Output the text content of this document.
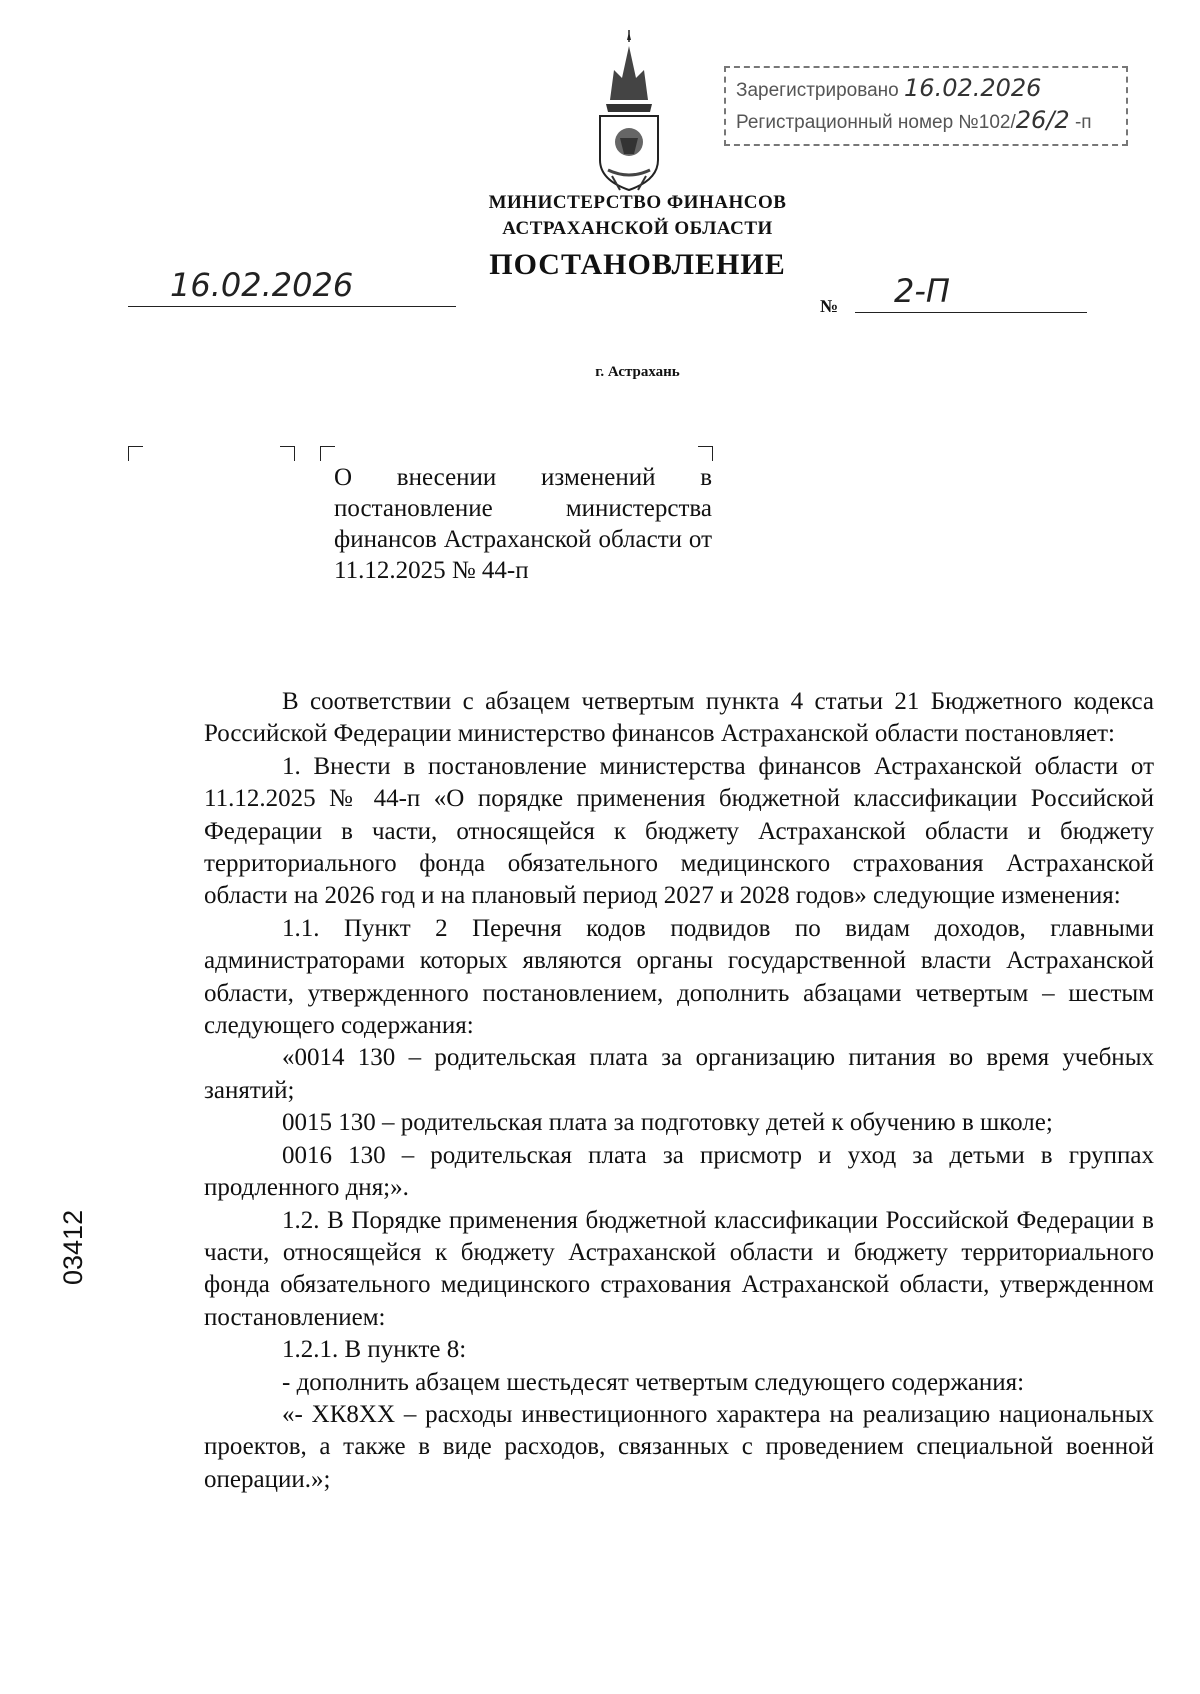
Зарегистрировано 16.02.2026
Регистрационный номер №102/26/2 -п
МИНИСТЕРСТВО ФИНАНСОВ
АСТРАХАНСКОЙ ОБЛАСТИ
ПОСТАНОВЛЕНИЕ
16.02.2026
№ 2-П
г. Астрахань

О внесении изменений в постановление министерства финансов Астраханской области от 11.12.2025 № 44-п

В соответствии с абзацем четвертым пункта 4 статьи 21 Бюджетного кодекса Российской Федерации министерство финансов Астраханской области постановляет:

1. Внести в постановление министерства финансов Астраханской области от 11.12.2025 № 44-п «О порядке применения бюджетной классификации Российской Федерации в части, относящейся к бюджету Астраханской области и бюджету территориального фонда обязательного медицинского страхования Астраханской области на 2026 год и на плановый период 2027 и 2028 годов» следующие изменения:

1.1. Пункт 2 Перечня кодов подвидов по видам доходов, главными администраторами которых являются органы государственной власти Астраханской области, утвержденного постановлением, дополнить абзацами четвертым – шестым следующего содержания:

«0014 130 – родительская плата за организацию питания во время учебных занятий;

0015 130 – родительская плата за подготовку детей к обучению в школе;

0016 130 – родительская плата за присмотр и уход за детьми в группах продленного дня;».

1.2. В Порядке применения бюджетной классификации Российской Федерации в части, относящейся к бюджету Астраханской области и бюджету территориального фонда обязательного медицинского страхования Астраханской области, утвержденном постановлением:

1.2.1. В пункте 8:

- дополнить абзацем шестьдесят четвертым следующего содержания:

«- ХК8ХХ – расходы инвестиционного характера на реализацию национальных проектов, а также в виде расходов, связанных с проведением специальной военной операции.»;

03412
